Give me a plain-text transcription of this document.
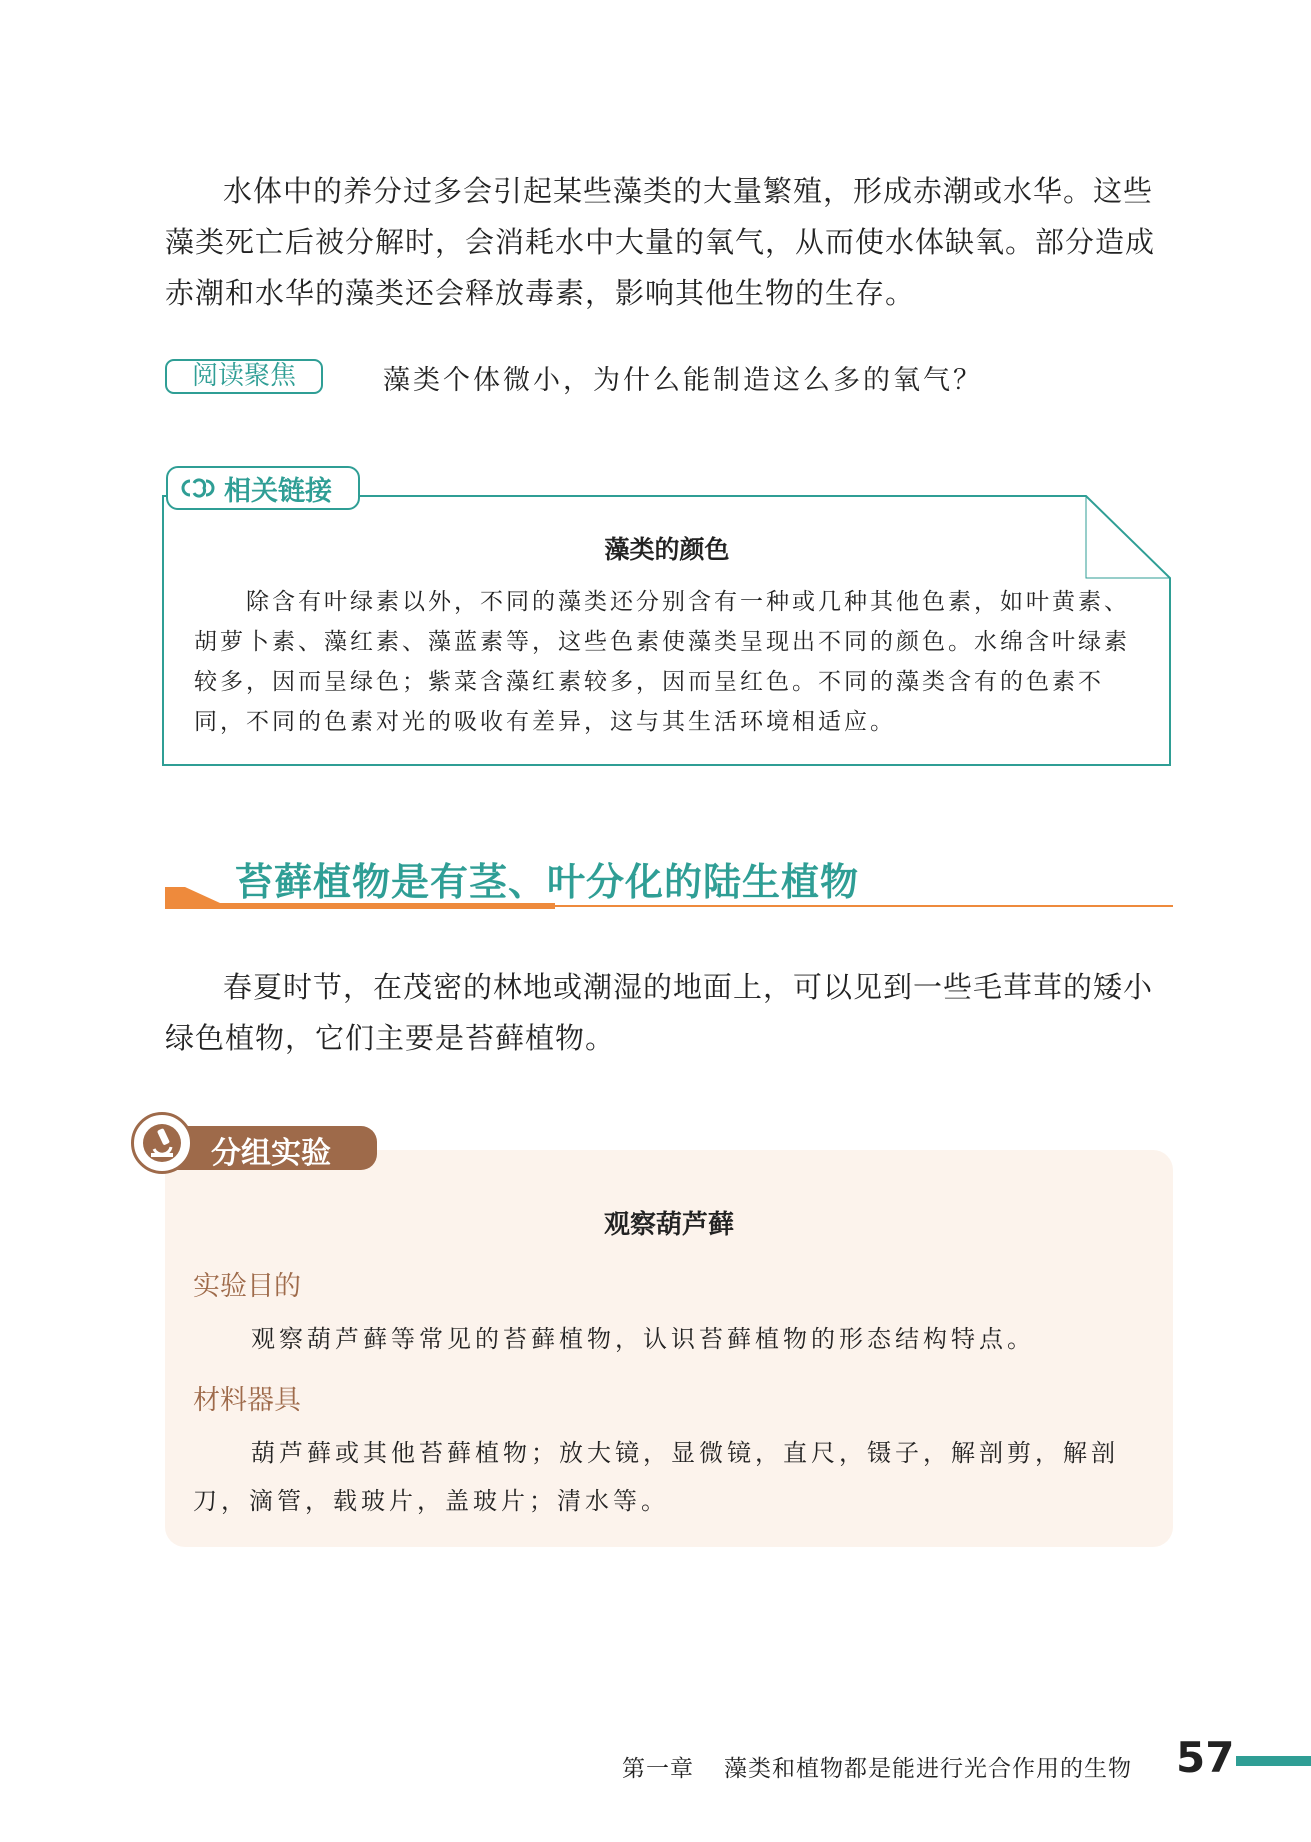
水体中的养分过多会引起某些藻类的大量繁殖，形成赤潮或水华。这些藻类死亡后被分解时，会消耗水中大量的氧气，从而使水体缺氧。部分造成赤潮和水华的藻类还会释放毒素，影响其他生物的生存。

阅读聚焦	藻类个体微小，为什么能制造这么多的氧气？
相关链接
藻类的颜色

除含有叶绿素以外，不同的藻类还分别含有一种或几种其他色素，如叶黄素、胡萝卜素、藻红素、藻蓝素等，这些色素使藻类呈现出不同的颜色。水绵含叶绿素较多，因而呈绿色；紫菜含藻红素较多，因而呈红色。不同的藻类含有的色素不同，不同的色素对光的吸收有差异，这与其生活环境相适应。

苔藓植物是有茎、叶分化的陆生植物

春夏时节，在茂密的林地或潮湿的地面上，可以见到一些毛茸茸的矮小绿色植物，它们主要是苔藓植物。

观察葫芦藓
实验目的

观察葫芦藓等常见的苔藓植物，认识苔藓植物的形态结构特点。

材料器具

葫芦藓或其他苔藓植物；放大镜，显微镜，直尺，镊子，解剖剪，解剖刀，滴管，载玻片，盖玻片；清水等。

分组实验
第一章 藻类和植物都是能进行光合作用的生物 57
